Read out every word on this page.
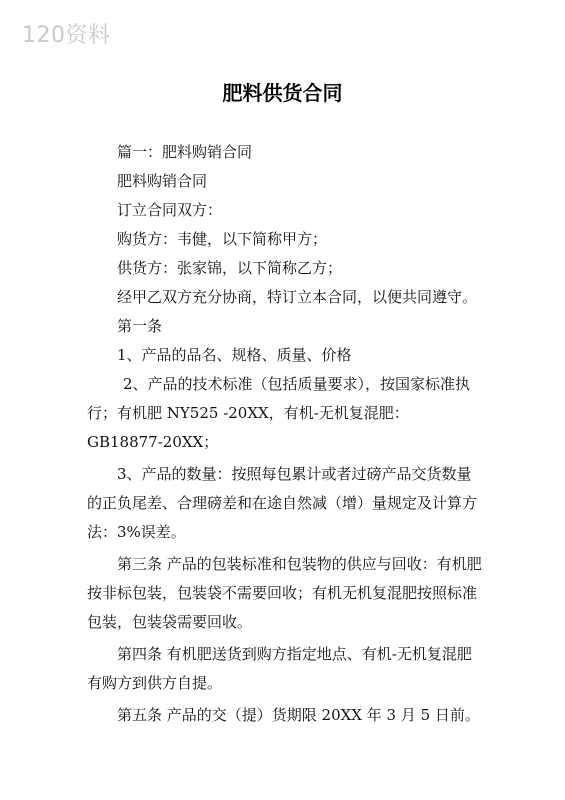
120资料
肥料供货合同

篇一：肥料购销合同

肥料购销合同

订立合同双方：

购货方：韦健，以下简称甲方；

供货方：张家锦，以下简称乙方；

经甲乙双方充分协商，特订立本合同，以便共同遵守。

第一条

1、产品的品名、规格、质量、价格

2、产品的技术标准（包括质量要求），按国家标准执行；有机肥 NY525 -20XX，有机-无机复混肥：GB18877-20XX；

3、产品的数量：按照每包累计或者过磅产品交货数量的正负尾差、合理磅差和在途自然减（增）量规定及计算方法：3%误差。

第三条 产品的包装标准和包装物的供应与回收：有机肥按非标包装，包装袋不需要回收；有机无机复混肥按照标准包装，包装袋需要回收。

第四条 有机肥送货到购方指定地点、有机-无机复混肥有购方到供方自提。

第五条 产品的交（提）货期限 20XX 年 3 月 5 日前。
